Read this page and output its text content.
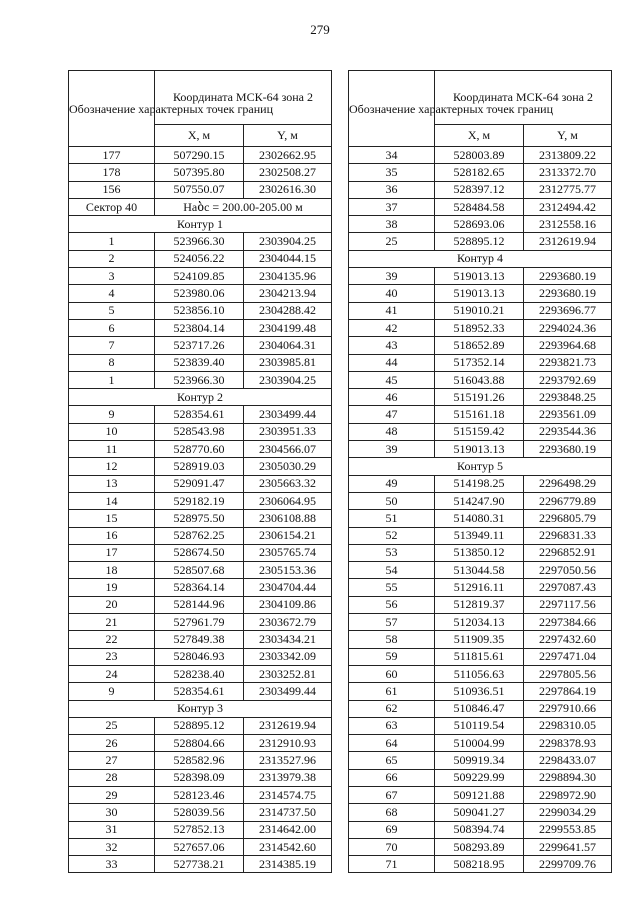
279
Обозначение характерных точек границ	Координата МСК-64 зона 2	
	X, м	Y, м
177	507290.15	2302662.95
178	507395.80	2302508.27
156	507550.07	2302616.30
Сектор 40	Наბс = 200.00-205.00 м	
Контур 1		
1	523966.30	2303904.25
2	524056.22	2304044.15
3	524109.85	2304135.96
4	523980.06	2304213.94
5	523856.10	2304288.42
6	523804.14	2304199.48
7	523717.26	2304064.31
8	523839.40	2303985.81
1	523966.30	2303904.25
Контур 2		
9	528354.61	2303499.44
10	528543.98	2303951.33
11	528770.60	2304566.07
12	528919.03	2305030.29
13	529091.47	2305663.32
14	529182.19	2306064.95
15	528975.50	2306108.88
16	528762.25	2306154.21
17	528674.50	2305765.74
18	528507.68	2305153.36
19	528364.14	2304704.44
20	528144.96	2304109.86
21	527961.79	2303672.79
22	527849.38	2303434.21
23	528046.93	2303342.09
24	528238.40	2303252.81
9	528354.61	2303499.44
Контур 3		
25	528895.12	2312619.94
26	528804.66	2312910.93
27	528582.96	2313527.96
28	528398.09	2313979.38
29	528123.46	2314574.75
30	528039.56	2314737.50
31	527852.13	2314642.00
32	527657.06	2314542.60
33	527738.21	2314385.19
Обозначение характерных точек границ	Координата МСК-64 зона 2	
	X, м	Y, м
34	528003.89	2313809.22
35	528182.65	2313372.70
36	528397.12	2312775.77
37	528484.58	2312494.42
38	528693.06	2312558.16
25	528895.12	2312619.94
Контур 4		
39	519013.13	2293680.19
40	519013.13	2293680.19
41	519010.21	2293696.77
42	518952.33	2294024.36
43	518652.89	2293964.68
44	517352.14	2293821.73
45	516043.88	2293792.69
46	515191.26	2293848.25
47	515161.18	2293561.09
48	515159.42	2293544.36
39	519013.13	2293680.19
Контур 5		
49	514198.25	2296498.29
50	514247.90	2296779.89
51	514080.31	2296805.79
52	513949.11	2296831.33
53	513850.12	2296852.91
54	513044.58	2297050.56
55	512916.11	2297087.43
56	512819.37	2297117.56
57	512034.13	2297384.66
58	511909.35	2297432.60
59	511815.61	2297471.04
60	511056.63	2297805.56
61	510936.51	2297864.19
62	510846.47	2297910.66
63	510119.54	2298310.05
64	510004.99	2298378.93
65	509919.34	2298433.07
66	509229.99	2298894.30
67	509121.88	2298972.90
68	509041.27	2299034.29
69	508394.74	2299553.85
70	508293.89	2299641.57
71	508218.95	2299709.76
